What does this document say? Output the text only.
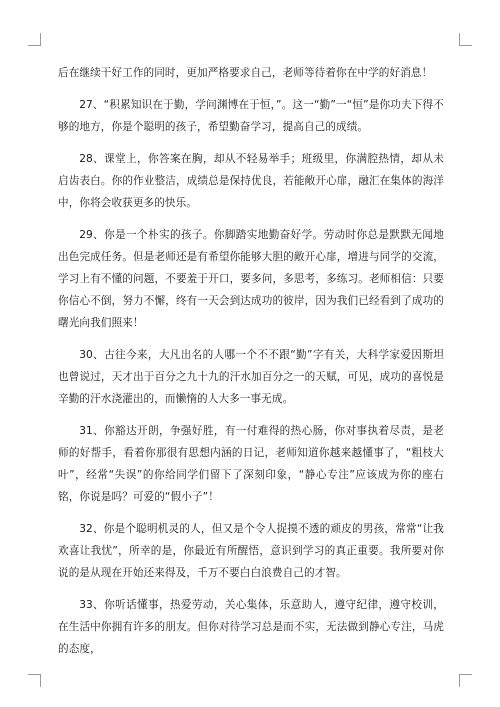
后在继续干好工作的同时，更加严格要求自己，老师等待着你在中学的好消息！

27、“积累知识在于勤，学问渊博在于恒，”。这一“勤”一“恒”是你功夫下得不够的地方，你是个聪明的孩子，希望勤奋学习，提高自己的成绩。

28、课堂上，你答案在胸，却从不轻易举手；班级里，你满腔热情，却从未启齿表白。你的作业整洁，成绩总是保持优良，若能敞开心扉，融汇在集体的海洋中，你将会收获更多的快乐。

29、你是一个朴实的孩子。你脚踏实地勤奋好学。劳动时你总是默默无闻地出色完成任务。但是老师还是有希望你能够大胆的敞开心扉，增进与同学的交流，学习上有不懂的问题，不要羞于开口，要多问，多思考，多练习。老师相信：只要你信心不倒，努力不懈，终有一天会到达成功的彼岸，因为我们已经看到了成功的曙光向我们照来！

30、古往今来，大凡出名的人哪一个不不跟“勤”字有关，大科学家爱因斯坦也曾说过，天才出于百分之九十九的汗水加百分之一的天赋，可见，成功的喜悦是辛勤的汗水浇灌出的，而懒惰的人大多一事无成。

31、你豁达开朗，争强好胜，有一付难得的热心肠，你对事执着尽责，是老师的好帮手，看着你那很有思想内涵的日记，老师知道你越来越懂事了，“粗枝大叶”，经常“失误”的你给同学们留下了深刻印象，“静心专注”应该成为你的座右铭，你说是吗？可爱的“假小子”！

32、你是个聪明机灵的人，但又是个令人捉摸不透的顽皮的男孩，常常“让我欢喜让我忧”，所幸的是，你最近有所醒悟，意识到学习的真正重要。我所要对你说的是从现在开始还来得及，千万不要白白浪费自己的才智。

33、你听话懂事，热爱劳动，关心集体，乐意助人，遵守纪律，遵守校训，在生活中你拥有许多的朋友。但你对待学习总是而不实，无法做到静心专注，马虎的态度，
